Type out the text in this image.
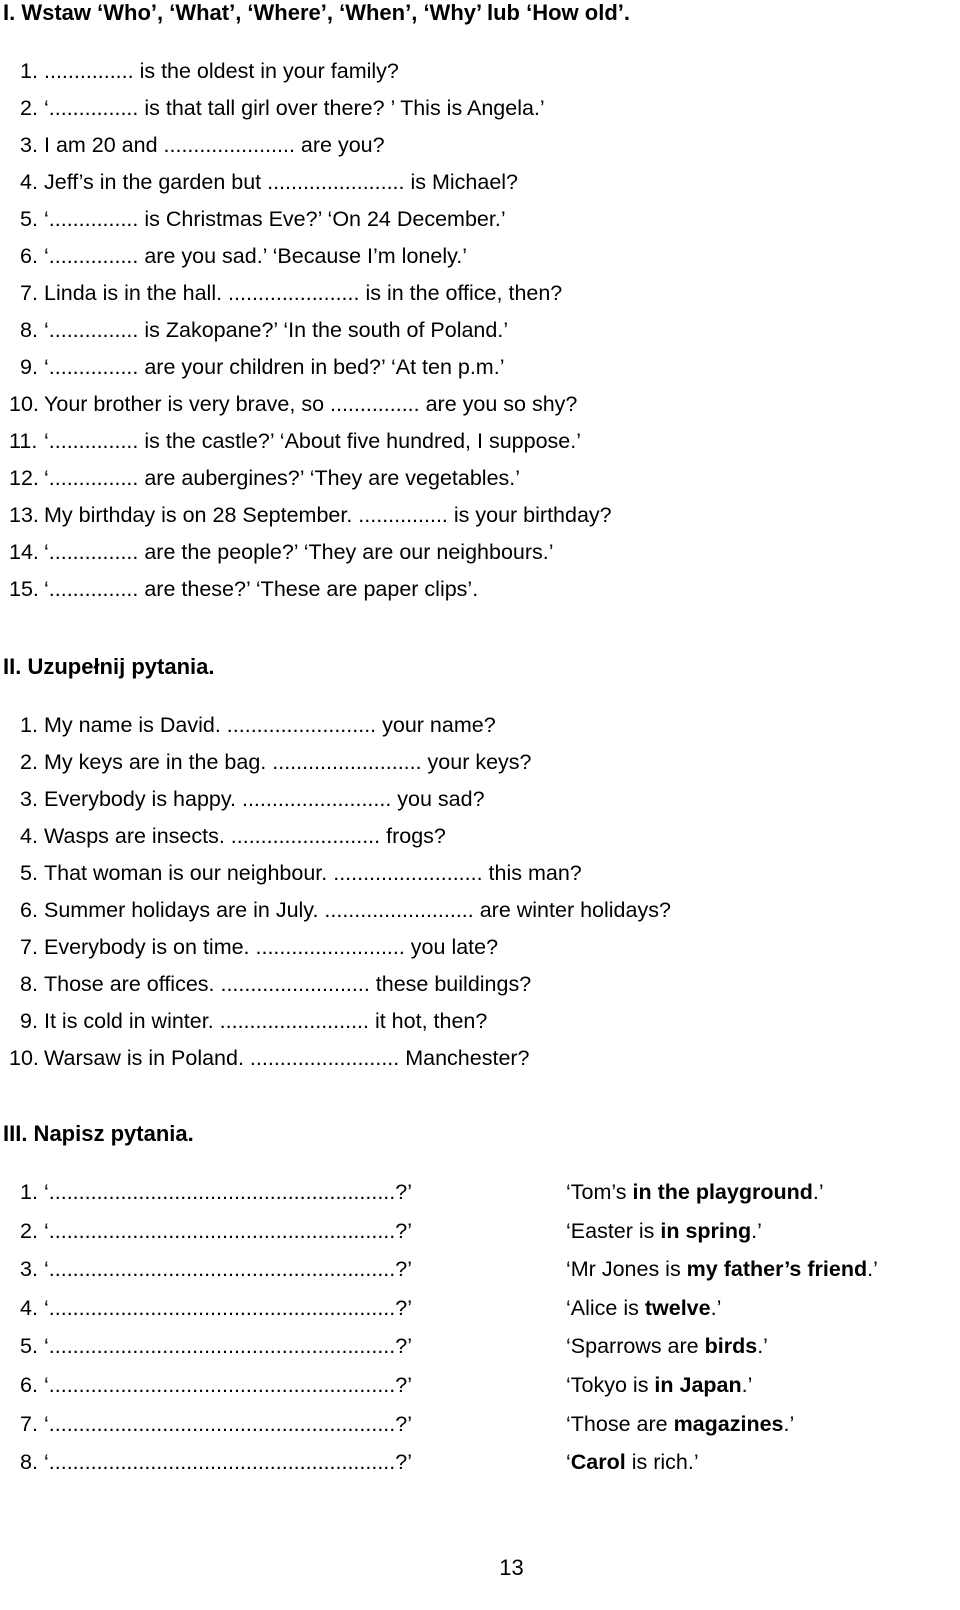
I. Wstaw ‘Who’, ‘What’, ‘Where’, ‘When’, ‘Why’ lub ‘How old’.
1. ............... is the oldest in your family?
2. ‘............... is that tall girl over there? ’ This is Angela.’
3. I am 20 and ...................... are you?
4. Jeff’s in the garden but ....................... is Michael?
5. ‘............... is Christmas Eve?’ ‘On 24 December.’
6. ‘............... are you sad.’ ‘Because I’m lonely.’
7. Linda is in the hall. ...................... is in the office, then?
8. ‘............... is Zakopane?’ ‘In the south of Poland.’
9. ‘............... are your children in bed?’ ‘At ten p.m.’
10. Your brother is very brave, so ............... are you so shy?
11. ‘............... is the castle?’ ‘About five hundred, I suppose.’
12. ‘............... are aubergines?’ ‘They are vegetables.’
13. My birthday is on 28 September. ............... is your birthday?
14. ‘............... are the people?’ ‘They are our neighbours.’
15. ‘............... are these?’ ‘These are paper clips’.
II. Uzupełnij pytania.
1. My name is David. ......................... your name?
2. My keys are in the bag. ......................... your keys?
3. Everybody is happy. ......................... you sad?
4. Wasps are insects. ......................... frogs?
5. That woman is our neighbour. ......................... this man?
6. Summer holidays are in July. ......................... are winter holidays?
7. Everybody is on time. ......................... you late?
8. Those are offices. ......................... these buildings?
9. It is cold in winter. ......................... it hot, then?
10. Warsaw is in Poland. ......................... Manchester?
III. Napisz pytania.
1. ‘..........................................................?’	‘Tom’s in the playground.’
2. ‘..........................................................?’	‘Easter is in spring.’
3. ‘..........................................................?’	‘Mr Jones is my father’s friend.’
4. ‘..........................................................?’	‘Alice is twelve.’
5. ‘..........................................................?’	‘Sparrows are birds.’
6. ‘..........................................................?’	‘Tokyo is in Japan.’
7. ‘..........................................................?’	‘Those are magazines.’
8. ‘..........................................................?’	‘Carol is rich.’
13
